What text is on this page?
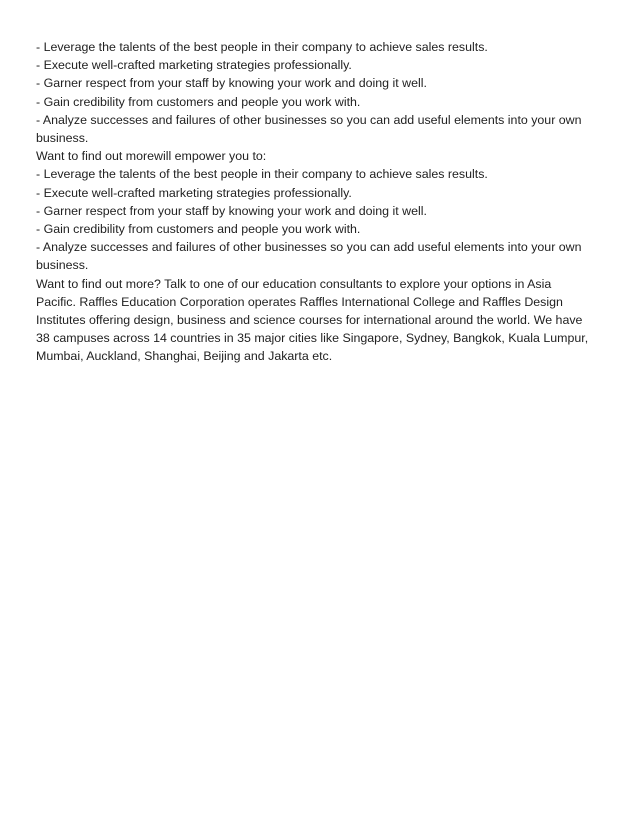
- Leverage the talents of the best people in their company to achieve sales results.
- Execute well-crafted marketing strategies professionally.
- Garner respect from your staff by knowing your work and doing it well.
- Gain credibility from customers and people you work with.
- Analyze successes and failures of other businesses so you can add useful elements into your own
business.
Want to find out morewill empower you to:
- Leverage the talents of the best people in their company to achieve sales results.
- Execute well-crafted marketing strategies professionally.
- Garner respect from your staff by knowing your work and doing it well.
- Gain credibility from customers and people you work with.
- Analyze successes and failures of other businesses so you can add useful elements into your own
business.
Want to find out more? Talk to one of our education consultants to explore your options in Asia
Pacific. Raffles Education Corporation operates Raffles International College and Raffles Design
Institutes offering design, business and science courses for international around the world. We have
38 campuses across 14 countries in 35 major cities like Singapore, Sydney, Bangkok, Kuala Lumpur,
Mumbai, Auckland, Shanghai, Beijing and Jakarta etc.
